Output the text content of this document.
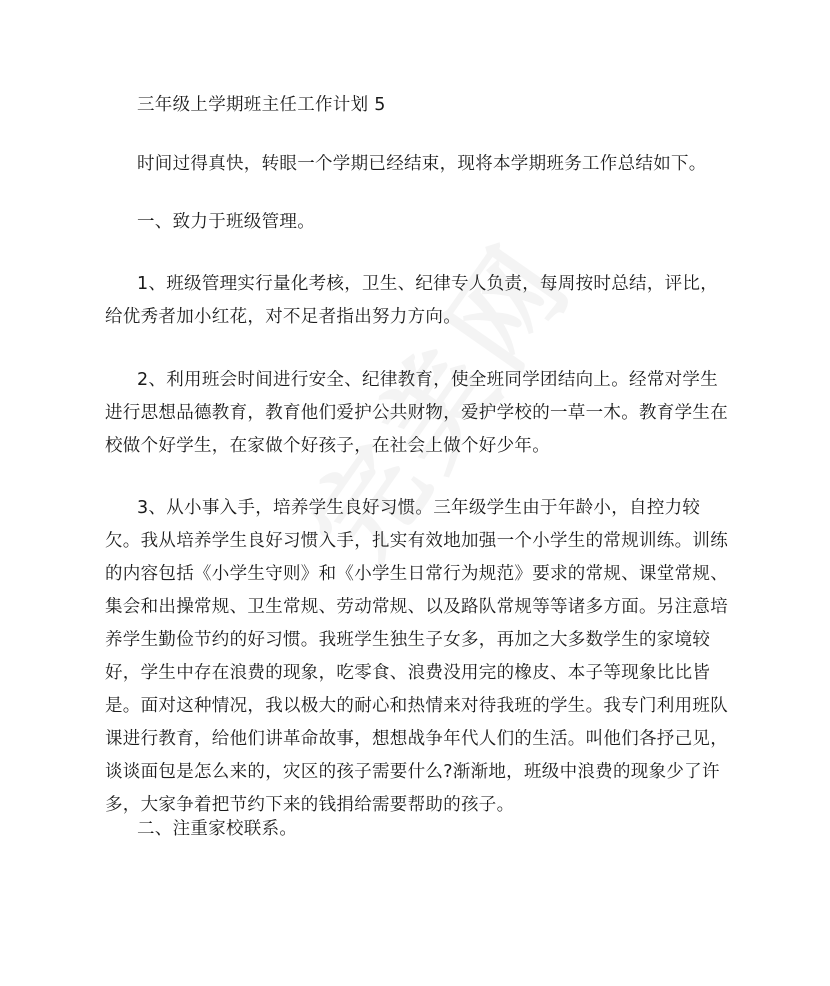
三年级上学期班主任工作计划 5
时间过得真快，转眼一个学期已经结束，现将本学期班务工作总结如下。
一、致力于班级管理。
1、班级管理实行量化考核，卫生、纪律专人负责，每周按时总结，评比，给优秀者加小红花，对不足者指出努力方向。
2、利用班会时间进行安全、纪律教育，使全班同学团结向上。经常对学生进行思想品德教育，教育他们爱护公共财物，爱护学校的一草一木。教育学生在校做个好学生，在家做个好孩子，在社会上做个好少年。
3、从小事入手，培养学生良好习惯。三年级学生由于年龄小，自控力较欠。我从培养学生良好习惯入手，扎实有效地加强一个小学生的常规训练。训练的内容包括《小学生守则》和《小学生日常行为规范》要求的常规、课堂常规、集会和出操常规、卫生常规、劳动常规、以及路队常规等等诸多方面。另注意培养学生勤俭节约的好习惯。我班学生独生子女多，再加之大多数学生的家境较好，学生中存在浪费的现象，吃零食、浪费没用完的橡皮、本子等现象比比皆是。面对这种情况，我以极大的耐心和热情来对待我班的学生。我专门利用班队课进行教育，给他们讲革命故事，想想战争年代人们的生活。叫他们各抒己见，谈谈面包是怎么来的，灾区的孩子需要什么?渐渐地，班级中浪费的现象少了许多，大家争着把节约下来的钱捐给需要帮助的孩子。
二、注重家校联系。
